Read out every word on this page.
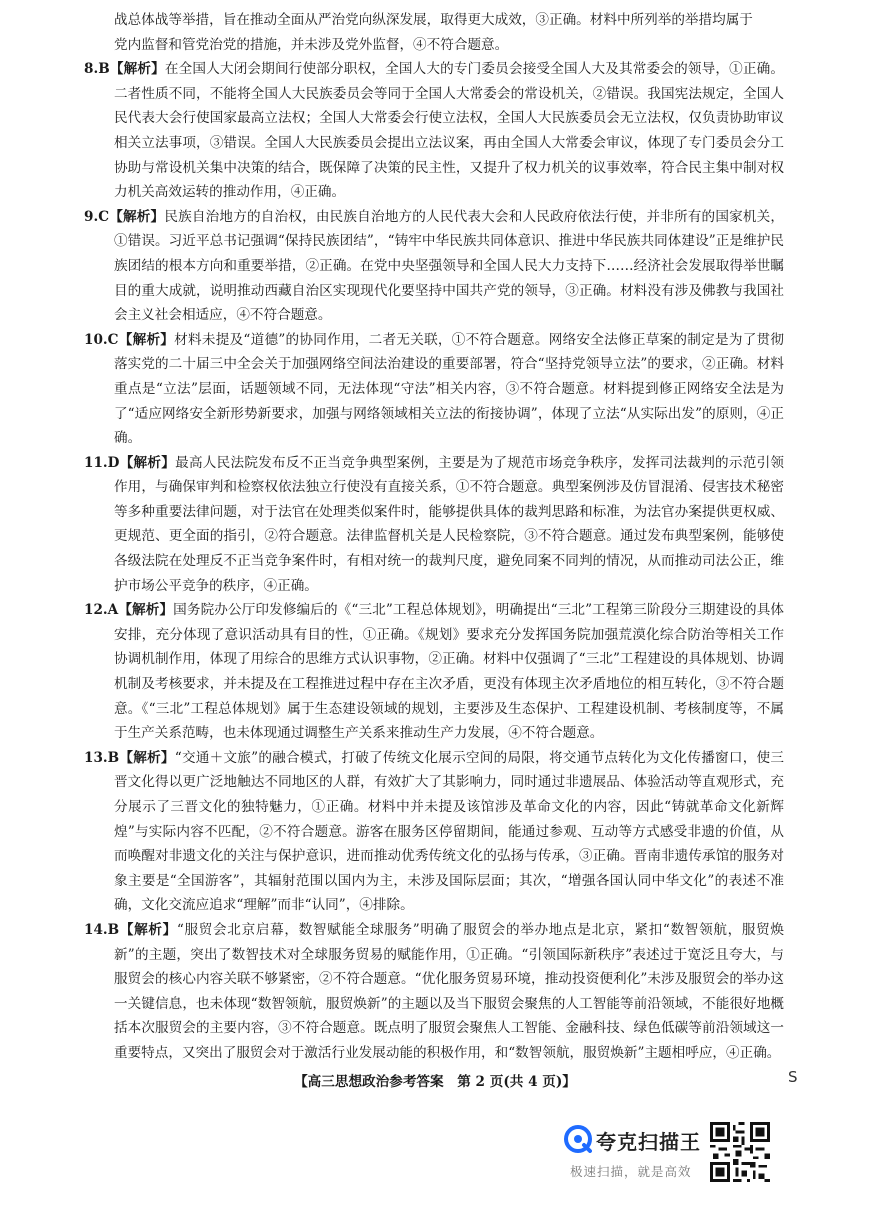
战总体战等举措，旨在推动全面从严治党向纵深发展，取得更大成效，③正确。材料中所列举的举措均属于
党内监督和管党治党的措施，并未涉及党外监督，④不符合题意。

8.B【解析】在全国人大闭会期间行使部分职权，全国人大的专门委员会接受全国人大及其常委会的领导，①正确。二者性质不同，不能将全国人大民族委员会等同于全国人大常委会的常设机关，②错误。我国宪法规定，全国人民代表大会行使国家最高立法权；全国人大常委会行使立法权，全国人大民族委员会无立法权，仅负责协助审议相关立法事项，③错误。全国人大民族委员会提出立法议案，再由全国人大常委会审议，体现了专门委员会分工协助与常设机关集中决策的结合，既保障了决策的民主性，又提升了权力机关的议事效率，符合民主集中制对权力机关高效运转的推动作用，④正确。

9.C【解析】民族自治地方的自治权，由民族自治地方的人民代表大会和人民政府依法行使，并非所有的国家机关，①错误。习近平总书记强调“保持民族团结”，“铸牢中华民族共同体意识、推进中华民族共同体建设”正是维护民族团结的根本方向和重要举措，②正确。在党中央坚强领导和全国人民大力支持下……经济社会发展取得举世瞩目的重大成就，说明推动西藏自治区实现现代化要坚持中国共产党的领导，③正确。材料没有涉及佛教与我国社会主义社会相适应，④不符合题意。

10.C【解析】材料未提及“道德”的协同作用，二者无关联，①不符合题意。网络安全法修正草案的制定是为了贯彻落实党的二十届三中全会关于加强网络空间法治建设的重要部署，符合“坚持党领导立法”的要求，②正确。材料重点是“立法”层面，话题领域不同，无法体现“守法”相关内容，③不符合题意。材料提到修正网络安全法是为了“适应网络安全新形势新要求，加强与网络领域相关立法的衔接协调”，体现了立法“从实际出发”的原则，④正确。

11.D【解析】最高人民法院发布反不正当竞争典型案例，主要是为了规范市场竞争秩序，发挥司法裁判的示范引领作用，与确保审判和检察权依法独立行使没有直接关系，①不符合题意。典型案例涉及仿冒混淆、侵害技术秘密等多种重要法律问题，对于法官在处理类似案件时，能够提供具体的裁判思路和标准，为法官办案提供更权威、更规范、更全面的指引，②符合题意。法律监督机关是人民检察院，③不符合题意。通过发布典型案例，能够使各级法院在处理反不正当竞争案件时，有相对统一的裁判尺度，避免同案不同判的情况，从而推动司法公正，维护市场公平竞争的秩序，④正确。

12.A【解析】国务院办公厅印发修编后的《“三北”工程总体规划》，明确提出“三北”工程第三阶段分三期建设的具体安排，充分体现了意识活动具有目的性，①正确。《规划》要求充分发挥国务院加强荒漠化综合防治等相关工作协调机制作用，体现了用综合的思维方式认识事物，②正确。材料中仅强调了“三北”工程建设的具体规划、协调机制及考核要求，并未提及在工程推进过程中存在主次矛盾，更没有体现主次矛盾地位的相互转化，③不符合题意。《“三北”工程总体规划》属于生态建设领域的规划，主要涉及生态保护、工程建设机制、考核制度等，不属于生产关系范畴，也未体现通过调整生产关系来推动生产力发展，④不符合题意。

13.B【解析】“交通＋文旅”的融合模式，打破了传统文化展示空间的局限，将交通节点转化为文化传播窗口，使三晋文化得以更广泛地触达不同地区的人群，有效扩大了其影响力，同时通过非遗展品、体验活动等直观形式，充分展示了三晋文化的独特魅力，①正确。材料中并未提及该馆涉及革命文化的内容，因此“铸就革命文化新辉煌”与实际内容不匹配，②不符合题意。游客在服务区停留期间，能通过参观、互动等方式感受非遗的价值，从而唤醒对非遗文化的关注与保护意识，进而推动优秀传统文化的弘扬与传承，③正确。晋南非遗传承馆的服务对象主要是“全国游客”，其辐射范围以国内为主，未涉及国际层面；其次，“增强各国认同中华文化”的表述不准确，文化交流应追求“理解”而非“认同”，④排除。

14.B【解析】“服贸会北京启幕，数智赋能全球服务”明确了服贸会的举办地点是北京，紧扣“数智领航，服贸焕新”的主题，突出了数智技术对全球服务贸易的赋能作用，①正确。“引领国际新秩序”表述过于宽泛且夸大，与服贸会的核心内容关联不够紧密，②不符合题意。“优化服务贸易环境，推动投资便利化”未涉及服贸会的举办这一关键信息，也未体现“数智领航，服贸焕新”的主题以及当下服贸会聚焦的人工智能等前沿领域，不能很好地概括本次服贸会的主要内容，③不符合题意。既点明了服贸会聚焦人工智能、金融科技、绿色低碳等前沿领域这一重要特点，又突出了服贸会对于激活行业发展动能的积极作用，和“数智领航，服贸焕新”主题相呼应，④正确。

【高三思想政治参考答案　第 2 页(共 4 页)】	S
夸克扫描王
极速扫描，就是高效
